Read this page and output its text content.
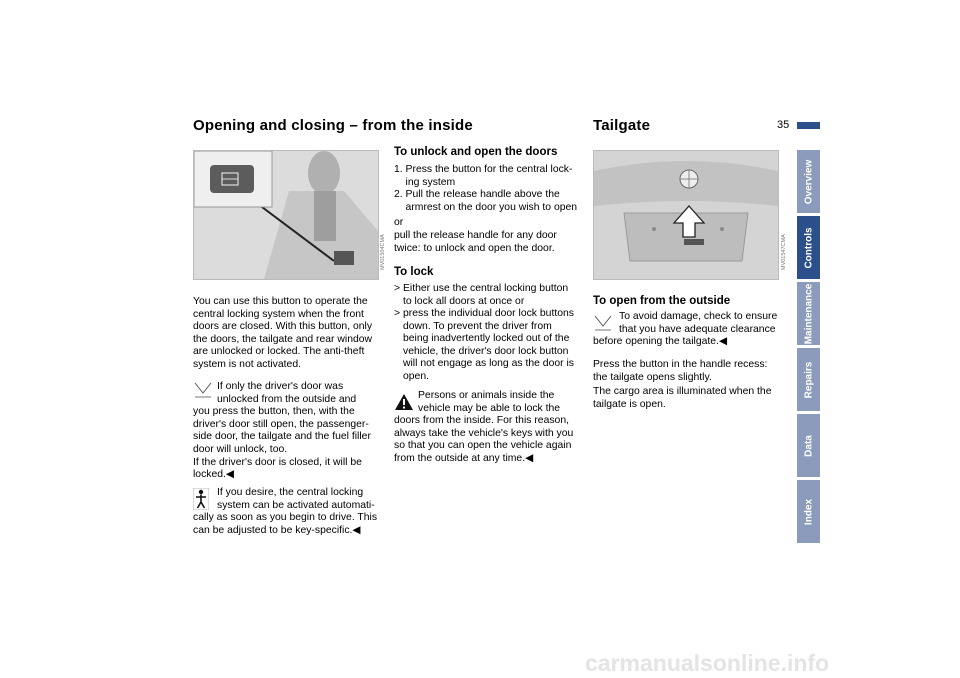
35
Overview
Controls
Maintenance
Repairs
Data
Index
Opening and closing – from the inside
MV01504CMA
You can use this button to operate the
central locking system when the front
doors are closed. With this button, only
the doors, the tailgate and rear window
are unlocked or locked. The anti-theft
system is not activated.
If only the driver's door was
unlocked from the outside and
you press the button, then, with the
driver's door still open, the passenger-
side door, the tailgate and the fuel filler
door will unlock, too.
If the driver's door is closed, it will be
locked.◀
If you desire, the central locking
system can be activated automati-
cally as soon as you begin to drive. This
can be adjusted to be key-specific.◀
To unlock and open the doors
1. Press the button for the central lock-
ing system
2. Pull the release handle above the
armrest on the door you wish to open
or
pull the release handle for any door
twice: to unlock and open the door.
To lock
> Either use the central locking button
to lock all doors at once or
> press the individual door lock buttons
down. To prevent the driver from
being inadvertently locked out of the
vehicle, the driver's door lock button
will not engage as long as the door is
open.
Persons or animals inside the
vehicle may be able to lock the
doors from the inside. For this reason,
always take the vehicle's keys with you
so that you can open the vehicle again
from the outside at any time.◀
Tailgate
MV01547CMA
To open from the outside
To avoid damage, check to ensure
that you have adequate clearance
before opening the tailgate.◀
Press the button in the handle recess:
the tailgate opens slightly.
The cargo area is illuminated when the
tailgate is open.
carmanualsonline.info
